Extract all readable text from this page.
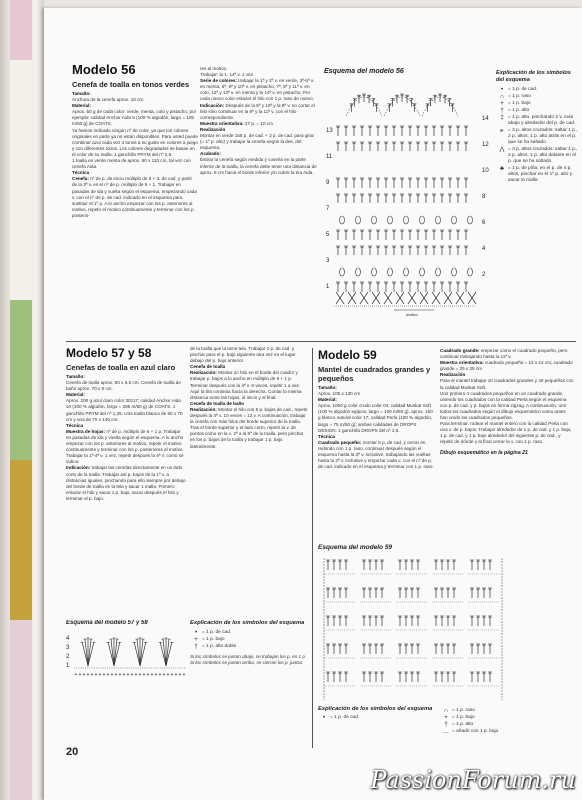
Modelo 56

Cenefa de toalla en tonos verdes

Tamaño:

Anchura de la cenefa aprox. 10 cm.

Material:

Aprox. 50 g de cada color: verde, menta, coto y pistacho; por ejemplo: calidad Anchor Aida 5 (100 % algodón, largo = 105 m/50 g) de COATS.

Ya hemos indicado ningún nº de color, ya que los colores originales en parte ya no están disponibles. Para usted puede combinar azul cada vez 4 tonos a su gusto en colores a juego y con diferentes tonos. Los colores degradados se basan en el color de su toalla. 1 ganchillo PRYM del nº 2,5.

1 toalla en verde menta de aprox. 60 x 110 cm, tal vez con cenefa Aida.

Técnica

Cenefa: nº de p. de inicio múltiplo de 6 + 3, de cad. y partir de la 3ª v. es el nº de p. múltiplo de 6 + 1. Trabajar en pasadas de ida y vuelta según el esquema, empezando cada v. con el nº de p. de cad. indicado en el esquema para sustituir el 1º p. A lo ancho empezar con los p. anteriores al motivo, repetir el motivo continuamente y terminar con los p. posterio-

res al motivo.

Trabajar: la 1. 14ª v. 1 vez.

Serie de colores: trabajar la 1ª y 2ª v. en verde, 3ª-5ª v. en menta, 6ª, 9ª y 10ª v. en pistacho, 7ª, 8ª y 11ª v. en coto, 12ª y 13ª v. en menta y la 14ª v. en pistacho. Por cada nuevo color enlazar el hilo con 1 p. raso de nuevo.

Indicación: Después de la 6ª y 10ª y la 8ª v. no cortar el hilo sino continuar en la 9ª y la 11ª v. con el hilo correspondiente.

Muestra orientativa: 27 p. = 10 cm

Realización

Montar en verde 155 p. de cad. + 3 p. de cad. para girar (= 1º p. alto) y trabajar la cenefa según la des. del esquema.

Acabado:

Estirar la cenefa según medida y coserla en la parte inferior de la toalla, la cenefa debe tener una distancia de aprox. 8 cm hacia el borde inferior y/o cubrir la tira Aida.

Esquema del modelo 56
13
14
11
12
9
10
7
8
5
6
3
4
1
2
motivo
Explicación de los símbolos del esquema
•	= 1 p. de cad.
∩ = 1 p. raso
+ = 1 p. bajo
† = 1 p. alto
‡ = 1 p. alto, pinchando 2 v. más abajo y alrededor del p. de cad.
⫸ = 3 p. altos cruzados: saltar 1 p., 2 p. altos, 1 p. alto atrás en el p. que se ha saltado
⋀ = 3 p. altos cruzados: saltar 1 p., 2 p. altos, 1 p. alto delante en el p. que se ha saltado
♣ = 1 p. de piña: en el p. de 4 p. altos, pinchar en el 1º p. alto y sacar la malla

Modelo 57 y 58

Cenefas de toalla en azul claro

Tamaño:

Cenefa de toalla aprox. 50 x 6,5 cm. Cenefa de toalla de baño aprox. 70 x 8 cm.

Material:

Aprox. 200 g azul claro color 30117; calidad Anchor Aida 10 (100 % algodón, largo = 285 m/50 g) de COATS. 1 ganchillo PRYM del nº 1,25. Una toalla blanca de 50 x 70 cm y una de 70 x 140 cm.

Técnica

Muestra de hojas: nº de p. múltiplo de 6 + 1 p. Trabajar en pasadas de ida y vuelta según el esquema. A lo ancho empezar con los p. anteriores al motivo, repetir el motivo continuamente y terminar con los p. posteriores al motivo. Trabajar la 1ª-4ª v. 1 vez, repetir después la 4ª v. como se indica.

Indicación: trabajar las cenefas directamente en un lado corto de la toalla. Trabajar así p. bajos de la 1ª v. a distancias iguales, pinchando para ello siempre por debajo del borde de toalla en la tela y sacar 1 malla. Primero enlazar el hilo y sacar 1 p. bajo, sacar después el hilo y terminar el p. bajo.

de la toalla que la tiene tela. Trabajar 2 p. de cad. y pinchar para el p. bajo siguiente otra vez en el lugar debajo del p. bajo anterior.

Cenefa de toalla

Realización: Montar un hilo en el borde del cuadro y trabajar p. bajos a lo ancho en múltiplo de 6 + 1 p. Terminar después con la 4ª v. 8 veces, repetir 1 a vez. Aquí la tira continúa hacia la derecha. Contar la misma distancia entre las hojas, al inicio y al final.

Cenefa de toalla de baño

Realización: Montar el hilo con 5 p. bajos de cad., repetir después la 4ª v. 10 veces = 12 v. A continuación, trabajar la cenefa con más hilos del borde superior de la toalla. Tras el borde superior y el lado corto, repetir la v. de puntos como en la v. 2ª a la 5ª de la toalla, pero pinchar en los p. bajos de la toalla y trabajar 1 p. bajo lateralmente.

Esquema del modelo 57 y 58
4
3
2
1
+ + + + + + + + + + + + + + + + + + + + + + + + + + + +
Explicación de los símbolos del esquema
•	= 1 p. de cad.
+ = 1 p. bajo
† = 1 p. alto doble

Si los símbolos se juntan abajo, se trabajan los p. en 1 p. Si los símbolos se juntan arriba, se cierran los p. juntos.

Modelo 59

Mantel de cuadrados grandes y pequeños

Tamaño:

Aprox. 105 x 130 cm

Material:

Aprox. 1000 g color crudo color 04; calidad Muskat Soft (100 % algodón egipcio, largo = 100 m/50 g), aprox. 150 g blanco natural color 17; calidad Perla (100 % algodón, largo = 75 m/50 g); ambas calidades de DROPS DESIGN. 1 ganchillo DROPS del nº 3,5.

Técnica

Cuadrado pequeño: montar 6 p. de cad. y cerrar en redondo con 1 p. raso, continuar después según el esquema hasta la 3ª v. inclusive, trabajando las vueltas hasta la 3ª v. inclusive y empezar cada v. con el nº de p. de cad. indicado en el esquema y terminar con 1 p. raso.

Cuadrado grande: empezar como el cuadrado pequeño, pero continuar trabajando hasta la 11ª v.

Muestra orientativa: cuadrado pequeño = 12 x 12 cm; cuadrado grande = 25 x 25 cm

Realización

Para el mantel trabajar 10 cuadrados grandes y 40 pequeños con la calidad Muskat Soft.

Unir primero 4 cuadrados pequeños en un cuadrado grande, uniendo los cuadrados con la calidad Perla según el esquema con p. de cad. y p. bajos en forma zigzag. A continuación, unir todos los cuadrados según el dibujo esquemático como antes han unido los cuadrados pequeños.

Para terminar, rodear el mantel entero con la calidad Perla con una v. de p. bajos. Trabajar alrededor de 1 p. de cad. y 1 p. bajo, 1 p. de cad. y 1 p. bajo alrededor del siguiente p. de cad., y repetir de dónde y al final cerrar la v. con 1 p. raso.

Dibujo esquemático en la página 21
Esquema del modelo 59
Explicación de los símbolos del esquema
•	= 1 p. de cad.
∩ = 1 p. raso
+ = 1 p. bajo
† = 1 p. alto
… = añadir con 1 p. bajo
20
PassionForum.ru
